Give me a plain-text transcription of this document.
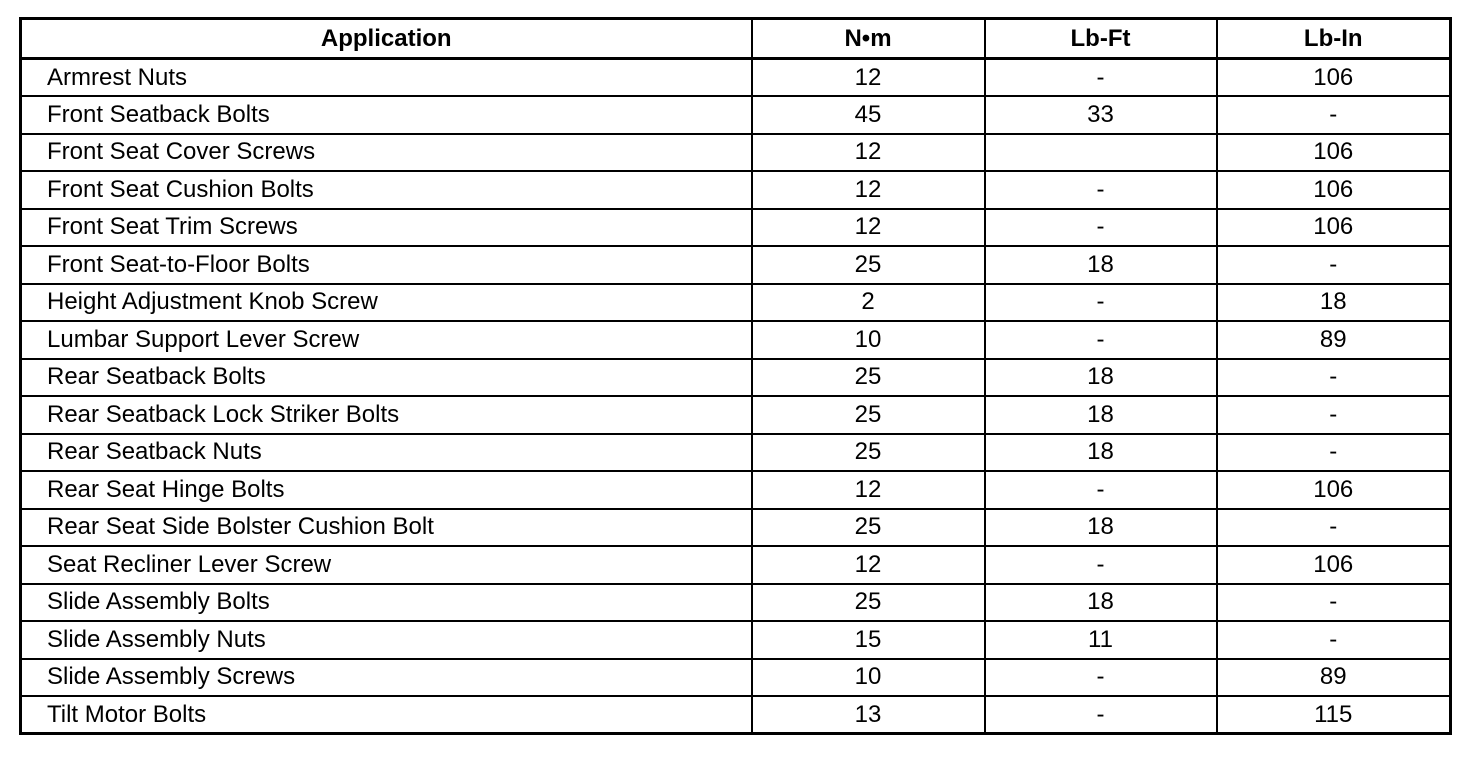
Application	N•m	Lb-Ft	Lb-In
Armrest Nuts	12	-	106
Front Seatback Bolts	45	33	-
Front Seat Cover Screws	12		106
Front Seat Cushion Bolts	12	-	106
Front Seat Trim Screws	12	-	106
Front Seat-to-Floor Bolts	25	18	-
Height Adjustment Knob Screw	2	-	18
Lumbar Support Lever Screw	10	-	89
Rear Seatback Bolts	25	18	-
Rear Seatback Lock Striker Bolts	25	18	-
Rear Seatback Nuts	25	18	-
Rear Seat Hinge Bolts	12	-	106
Rear Seat Side Bolster Cushion Bolt	25	18	-
Seat Recliner Lever Screw	12	-	106
Slide Assembly Bolts	25	18	-
Slide Assembly Nuts	15	11	-
Slide Assembly Screws	10	-	89
Tilt Motor Bolts	13	-	115
